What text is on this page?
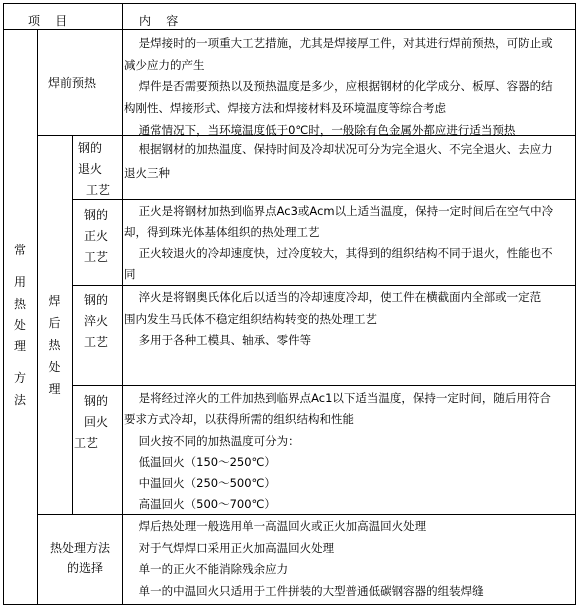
项    目	内    容
常
用
热
处
理
方
法
焊前预热
是焊接时的一项重大工艺措施，尤其是焊接厚工件，对其进行焊前预热，可防止或
减少应力的产生
焊件是否需要预热以及预热温度是多少，应根据钢材的化学成分、板厚、容器的结
构刚性、焊接形式、焊接方法和焊接材料及环境温度等综合考虑
通常情况下，当环境温度低于0℃时，一般除有色金属外都应进行适当预热
焊
后
热
处
理
钢的
退火
工艺
根据钢材的加热温度、保持时间及冷却状况可分为完全退火、不完全退火、去应力
退火三种
钢的
正火
工艺
正火是将钢材加热到临界点Ac3或Acm以上适当温度，保持一定时间后在空气中冷
却，得到珠光体基体组织的热处理工艺
正火较退火的冷却速度快，过冷度较大，其得到的组织结构不同于退火，性能也不
同
钢的
淬火
工艺
淬火是将钢奥氏体化后以适当的冷却速度冷却，使工件在横截面内全部或一定范
围内发生马氏体不稳定组织结构转变的热处理工艺
多用于各种工模具、轴承、零件等
钢的
回火
工艺
是将经过淬火的工件加热到临界点Ac1以下适当温度，保持一定时间，随后用符合
要求方式冷却，以获得所需的组织结构和性能
回火按不同的加热温度可分为：
低温回火（150～250℃）
中温回火（250～500℃）
高温回火（500～700℃）
热处理方法
的选择
焊后热处理一般选用单一高温回火或正火加高温回火处理
对于气焊焊口采用正火加高温回火处理
单一的正火不能消除残余应力
单一的中温回火只适用于工件拼装的大型普通低碳钢容器的组装焊缝
